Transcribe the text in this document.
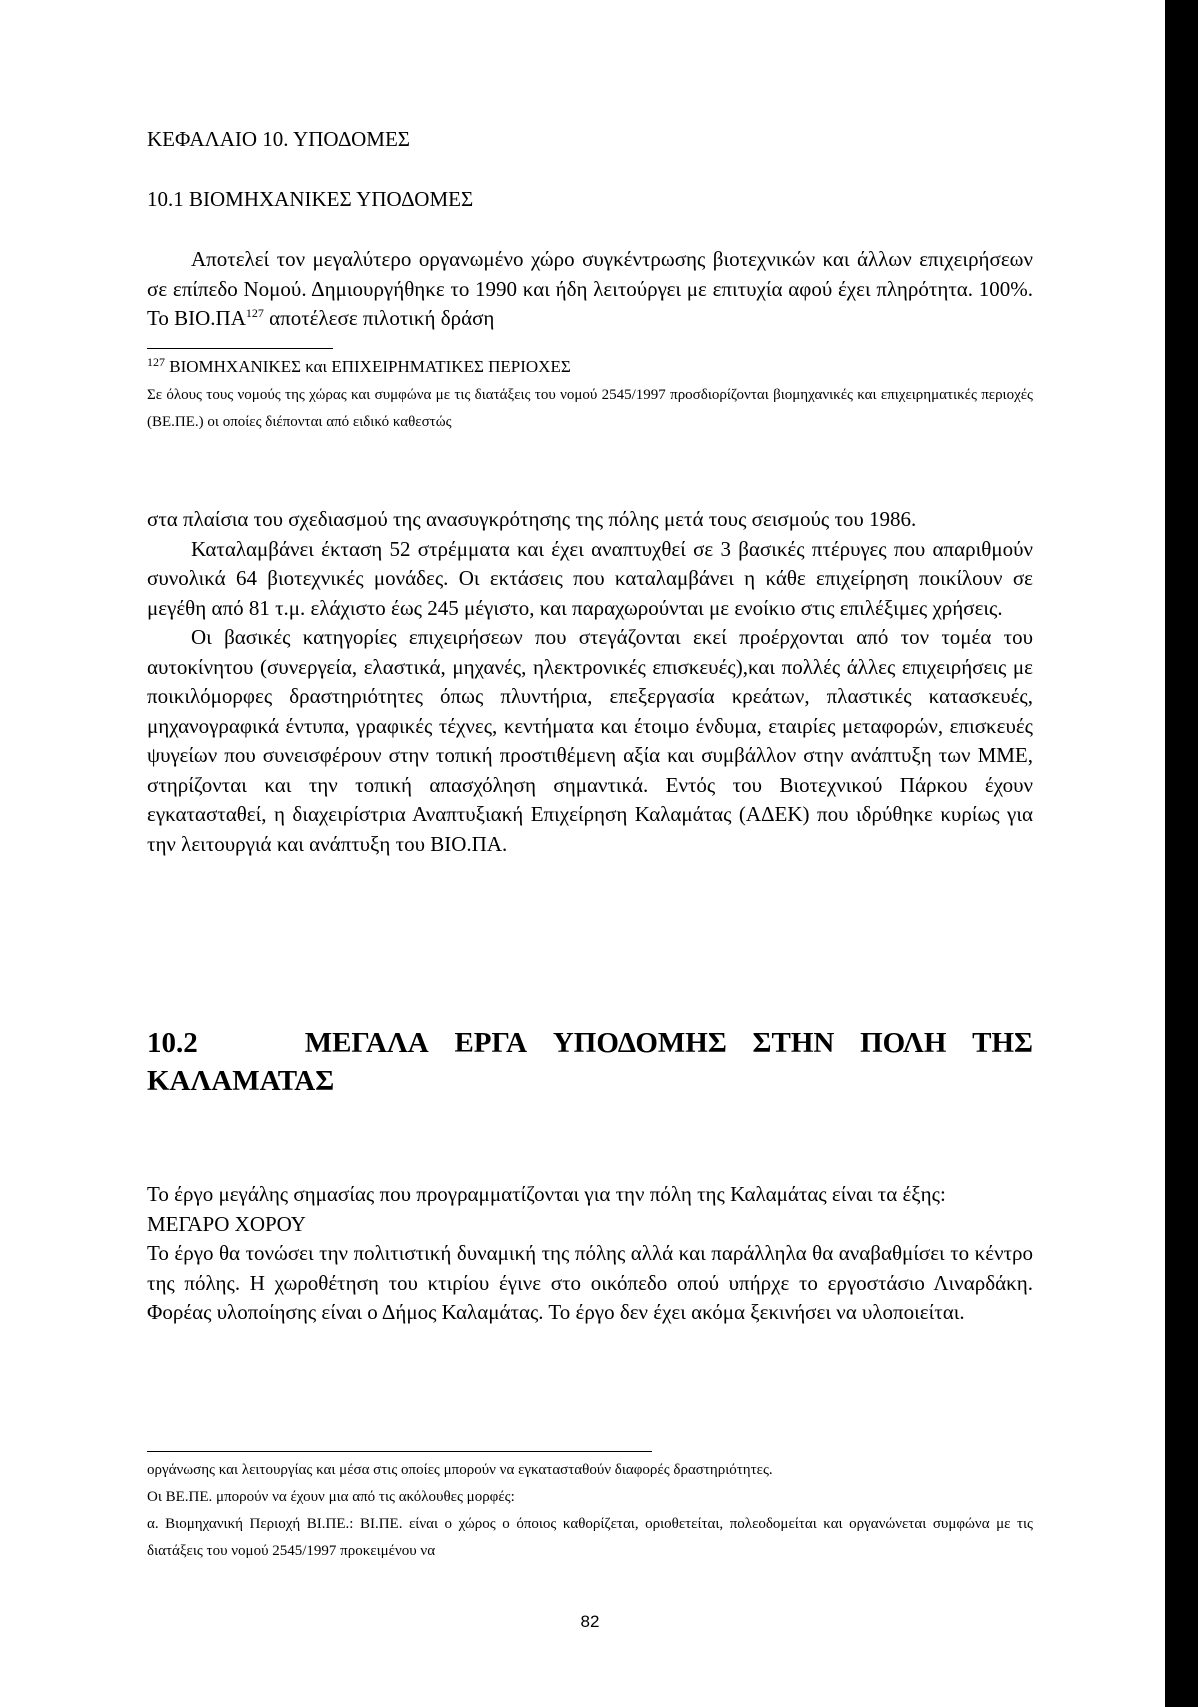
ΚΕΦΑΛΑΙΟ 10. ΥΠΟΔΟΜΕΣ
10.1 ΒΙΟΜΗΧΑΝΙΚΕΣ ΥΠΟΔΟΜΕΣ
Αποτελεί τον μεγαλύτερο οργανωμένο χώρο συγκέντρωσης βιοτεχνικών και άλλων επιχειρήσεων σε επίπεδο Νομού. Δημιουργήθηκε το 1990 και ήδη λειτούργει με επιτυχία αφού έχει πληρότητα. 100%. Το ΒΙΟ.ΠΑ$^{127}$ αποτέλεσε πιλοτική δράση
$^{127}$ ΒΙΟΜΗΧΑΝΙΚΕΣ και ΕΠΙΧΕΙΡΗΜΑΤΙΚΕΣ ΠΕΡΙΟΧΕΣ
Σε όλους τους νομούς της χώρας και συμφώνα με τις διατάξεις του νομού 2545/1997 προσδιορίζονται βιομηχανικές και επιχειρηματικές περιοχές (ΒΕ.ΠΕ.) οι οποίες διέπονται από ειδικό καθεστώς

στα πλαίσια του σχεδιασμού της ανασυγκρότησης της πόλης μετά τους σεισμούς του 1986.

Καταλαμβάνει έκταση 52 στρέμματα και έχει αναπτυχθεί σε 3 βασικές πτέρυγες που απαριθμούν συνολικά 64 βιοτεχνικές μονάδες. Οι εκτάσεις που καταλαμβάνει η κάθε επιχείρηση ποικίλουν σε μεγέθη από 81 τ.μ. ελάχιστο έως 245 μέγιστο, και παραχωρούνται με ενοίκιο στις επιλέξιμες χρήσεις.

Οι βασικές κατηγορίες επιχειρήσεων που στεγάζονται εκεί προέρχονται από τον τομέα του αυτοκίνητου (συνεργεία, ελαστικά, μηχανές, ηλεκτρονικές επισκευές),και πολλές άλλες επιχειρήσεις με ποικιλόμορφες δραστηριότητες όπως πλυντήρια, επεξεργασία κρεάτων, πλαστικές κατασκευές, μηχανογραφικά έντυπα, γραφικές τέχνες, κεντήματα και έτοιμο ένδυμα, εταιρίες μεταφορών, επισκευές ψυγείων που συνεισφέρουν στην τοπική προστιθέμενη αξία και συμβάλλον στην ανάπτυξη των ΜΜΕ, στηρίζονται και την τοπική απασχόληση σημαντικά. Εντός του Βιοτεχνικού Πάρκου έχουν εγκατασταθεί, η διαχειρίστρια Αναπτυξιακή Επιχείρηση Καλαμάτας (ΑΔΕΚ) που ιδρύθηκε κυρίως για την λειτουργιά και ανάπτυξη του ΒΙΟ.ΠΑ.

10.2	ΜΕΓΑΛΑ ΕΡΓΑ ΥΠΟΔΟΜΗΣ ΣΤΗΝ ΠΟΛΗ ΤΗΣ
ΚΑΛΑΜΑΤΑΣ

Το έργο μεγάλης σημασίας που προγραμματίζονται για την πόλη της Καλαμάτας είναι τα έξης:

ΜΕΓΑΡΟ ΧΟΡΟΥ

Το έργο θα τονώσει την πολιτιστική δυναμική της πόλης αλλά και παράλληλα θα αναβαθμίσει το κέντρο της πόλης. Η χωροθέτηση του κτιρίου έγινε στο οικόπεδο οπού υπήρχε το εργοστάσιο Λιναρδάκη. Φορέας υλοποίησης είναι ο Δήμος Καλαμάτας. Το έργο δεν έχει ακόμα ξεκινήσει να υλοποιείται.

οργάνωσης και λειτουργίας και μέσα στις οποίες μπορούν να εγκατασταθούν διαφορές δραστηριότητες.

Οι ΒΕ.ΠΕ. μπορούν να έχουν μια από τις ακόλουθες μορφές:

α. Βιομηχανική Περιοχή ΒΙ.ΠΕ.: ΒΙ.ΠΕ. είναι ο χώρος ο όποιος καθορίζεται, οριοθετείται, πολεοδομείται και οργανώνεται συμφώνα με τις διατάξεις του νομού 2545/1997 προκειμένου να

82
